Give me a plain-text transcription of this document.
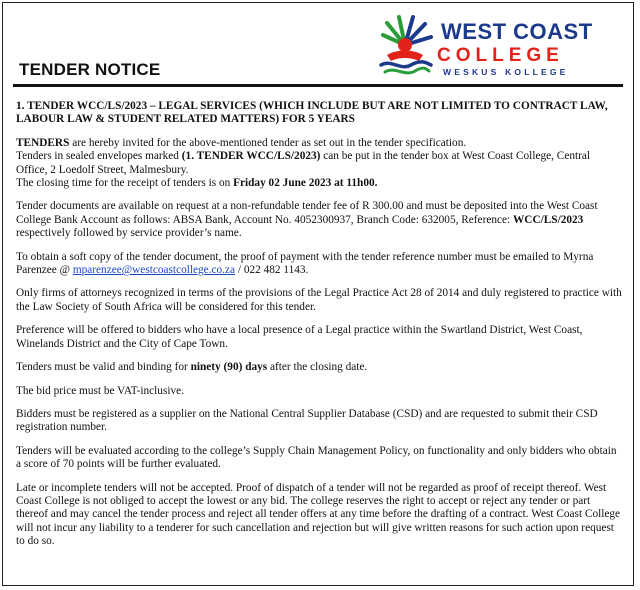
TENDER NOTICE
WEST COAST
COLLEGE
WESKUS KOLLEGE
1. TENDER WCC/LS/2023 – LEGAL SERVICES (WHICH INCLUDE BUT ARE NOT LIMITED TO CONTRACT LAW, LABOUR LAW & STUDENT RELATED MATTERS) FOR 5 YEARS

TENDERS are hereby invited for the above-mentioned tender as set out in the tender specification.
Tenders in sealed envelopes marked (1. TENDER WCC/LS/2023) can be put in the tender box at West Coast College, Central Office, 2 Loedolf Street, Malmesbury.
The closing time for the receipt of tenders is on Friday 02 June 2023 at 11h00.

Tender documents are available on request at a non-refundable tender fee of R 300.00 and must be deposited into the West Coast College Bank Account as follows: ABSA Bank, Account No. 4052300937, Branch Code: 632005, Reference: WCC/LS/2023 respectively followed by service provider’s name.

To obtain a soft copy of the tender document, the proof of payment with the tender reference number must be emailed to Myrna Parenzee @ mparenzee@westcoastcollege.co.za / 022 482 1143.

Only firms of attorneys recognized in terms of the provisions of the Legal Practice Act 28 of 2014 and duly registered to practice with the Law Society of South Africa will be considered for this tender.

Preference will be offered to bidders who have a local presence of a Legal practice within the Swartland District, West Coast, Winelands District and the City of Cape Town.

Tenders must be valid and binding for ninety (90) days after the closing date.

The bid price must be VAT-inclusive.

Bidders must be registered as a supplier on the National Central Supplier Database (CSD) and are requested to submit their CSD registration number.

Tenders will be evaluated according to the college’s Supply Chain Management Policy, on functionality and only bidders who obtain a score of 70 points will be further evaluated.

Late or incomplete tenders will not be accepted. Proof of dispatch of a tender will not be regarded as proof of receipt thereof. West Coast College is not obliged to accept the lowest or any bid. The college reserves the right to accept or reject any tender or part thereof and may cancel the tender process and reject all tender offers at any time before the drafting of a contract. West Coast College will not incur any liability to a tenderer for such cancellation and rejection but will give written reasons for such action upon request to do so.
